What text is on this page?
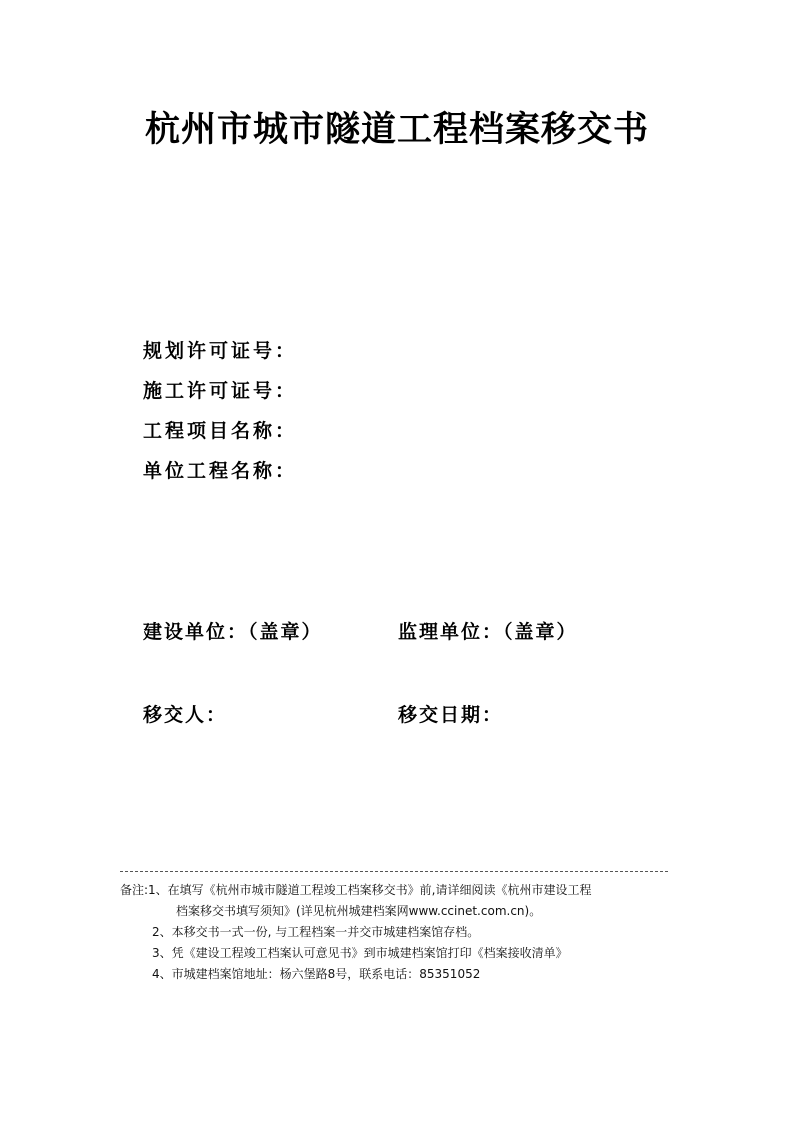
杭州市城市隧道工程档案移交书
规划许可证号：
施工许可证号：
工程项目名称：
单位工程名称：
建设单位：（盖章）	监理单位：（盖章）
移交人：	移交日期：
备注:1、在填写《杭州市城市隧道工程竣工档案移交书》前,请详细阅读《杭州市建设工程
档案移交书填写须知》(详见杭州城建档案网www.ccinet.com.cn)。
2、本移交书一式一份, 与工程档案一并交市城建档案馆存档。
3、凭《建设工程竣工档案认可意见书》到市城建档案馆打印《档案接收清单》
4、市城建档案馆地址：杨六堡路8号，联系电话：85351052
